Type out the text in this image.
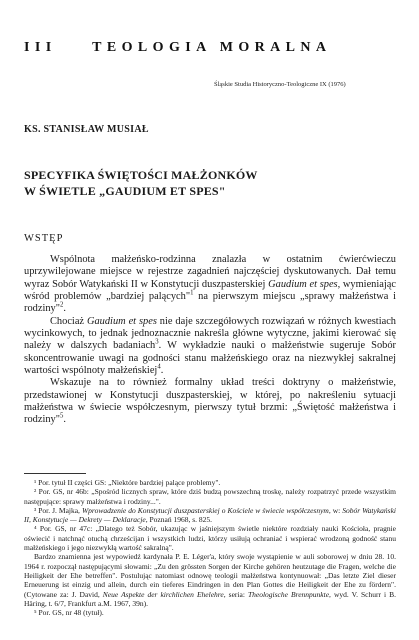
III	TEOLOGIA MORALNA
Śląskie Studia Historyczno-Teologiczne IX (1976)
KS. STANISŁAW MUSIAŁ
SPECYFIKA ŚWIĘTOŚCI MAŁŻONKÓW
W ŚWIETLE „GAUDIUM ET SPES"
WSTĘP

Wspólnota małżeńsko-rodzinna znalazła w ostatnim ćwierćwieczu uprzywilejowane miejsce w rejestrze zagadnień najczęściej dyskutowanych. Dał temu wyraz Sobór Watykański II w Konstytucji duszpasterskiej Gaudium et spes, wymieniając wśród problemów „bardziej palących"$^1$ na pierwszym miejscu „sprawy małżeństwa i rodziny"$^2$.

Chociaż Gaudium et spes nie daje szczegółowych rozwiązań w różnych kwestiach wycinkowych, to jednak jednoznacznie nakreśla główne wytyczne, jakimi kierować się należy w dalszych badaniach$^3$. W wykładzie nauki o małżeństwie sugeruje Sobór skoncentrowanie uwagi na godności stanu małżeńskiego oraz na niezwykłej sakralnej wartości wspólnoty małżeńskiej$^4$.

Wskazuje na to również formalny układ treści doktryny o małżeństwie, przedstawionej w Konstytucji duszpasterskiej, w której, po nakreśleniu sytuacji małżeństwa w świecie współczesnym, pierwszy tytuł brzmi: „Świętość małżeństwa i rodziny"$^5$.

¹ Por. tytuł II części GS: „Niektóre bardziej palące problemy".

² Por. GS, nr 46b: „Spośród licznych spraw, które dziś budzą powszechną troskę, należy rozpatrzyć przede wszystkim następujące: sprawy małżeństwa i rodziny...".

³ Por. J. Majka, Wprowadzenie do Konstytucji duszpasterskiej o Kościele w świecie współczesnym, w: Sobór Watykański II, Konstytucje — Dekrety — Deklaracje, Poznań 1968, s. 825.

⁴ Por. GS, nr 47c: „Dlatego też Sobór, ukazując w jaśniejszym świetle niektóre rozdziały nauki Kościoła, pragnie oświecić i natchnąć otuchą chrześcijan i wszystkich ludzi, którzy usiłują ochraniać i wspierać wrodzoną godność stanu małżeńskiego i jego niezwykłą wartość sakralną".

Bardzo znamienna jest wypowiedź kardynała P. E. Léger'a, który swoje wystąpienie w auli soborowej w dniu 28. 10. 1964 r. rozpoczął następującymi słowami: „Zu den grössten Sorgen der Kirche gehören heutzutage die Fragen, welche die Heiligkeit der Ehe betreffen". Postulując natomiast odnowę teologii małżeństwa kontynuował: „Das letzte Ziel dieser Erneuerung ist einzig und allein, durch ein tieferes Eindringen in den Plan Gottes die Heiligkeit der Ehe zu fördern". (Cytowane za: J. David, Neue Aspekte der kirchlichen Ehelehre, seria: Theologische Brennpunkte, wyd. V. Schurr i B. Häring, t. 6/7, Frankfurt a.M. 1967, 39n).

⁵ Por. GS, nr 48 (tytuł).
